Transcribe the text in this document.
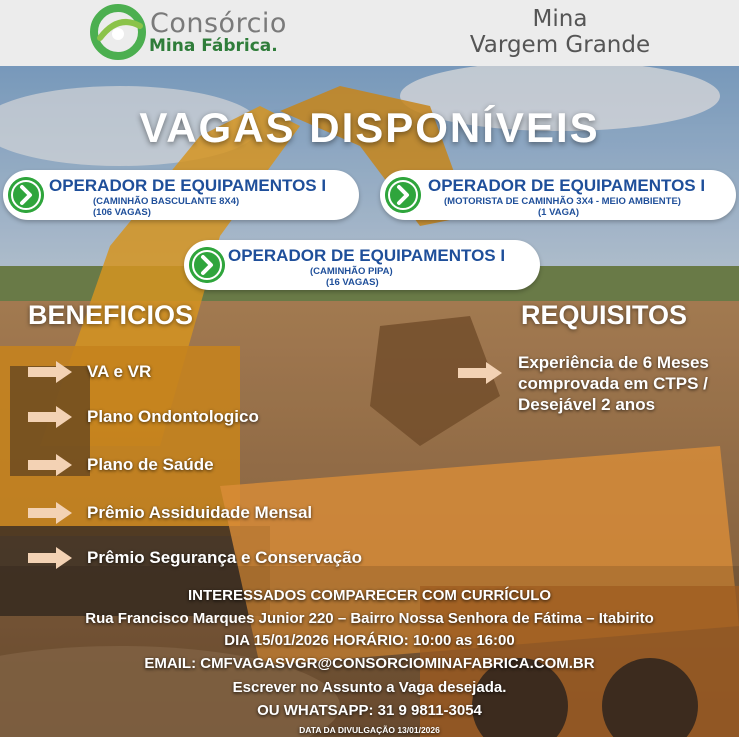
Consórcio
Mina Fábrica.
Mina
Vargem Grande
VAGAS DISPONÍVEIS
OPERADOR DE EQUIPAMENTOS I
(CAMINHÃO BASCULANTE 8X4)
(106 VAGAS)
OPERADOR DE EQUIPAMENTOS I
(MOTORISTA DE CAMINHÃO 3X4 - MEIO AMBIENTE)
(1 VAGA)
OPERADOR DE EQUIPAMENTOS I
(CAMINHÃO PIPA)
(16 VAGAS)
BENEFICIOS
VA e VR
Plano Ondontologico
Plano de Saúde
Prêmio Assiduidade Mensal
Prêmio Segurança e Conservação
REQUISITOS
Experiência de 6 Meses comprovada em CTPS / Desejável 2 anos
INTERESSADOS COMPARECER COM CURRÍCULO
Rua Francisco Marques Junior 220 – Bairro Nossa Senhora de Fátima – Itabirito
DIA 15/01/2026 HORÁRIO: 10:00 as 16:00
EMAIL: CMFVAGASVGR@CONSORCIOMINAFABRICA.COM.BR
Escrever no Assunto a Vaga desejada.
OU WHATSAPP: 31 9 9811-3054
DATA DA DIVULGAÇÃO 13/01/2026
